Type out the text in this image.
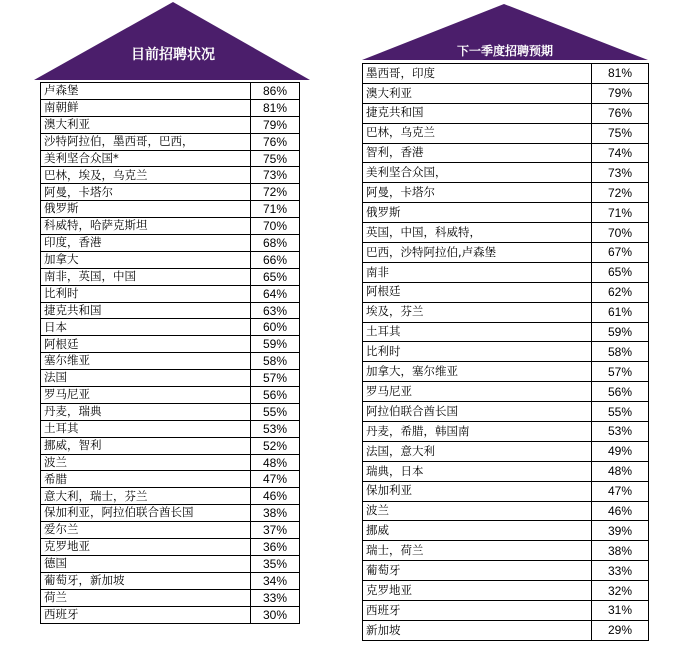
目前招聘状况
卢森堡	86%
南朝鲜	81%
澳大利亚	79%
沙特阿拉伯，墨西哥，巴西，	76%
美利坚合众国*	75%
巴林，埃及，乌克兰	73%
阿曼，卡塔尔	72%
俄罗斯	71%
科威特，哈萨克斯坦	70%
印度，香港	68%
加拿大	66%
南非，英国，中国	65%
比利时	64%
捷克共和国	63%
日本	60%
阿根廷	59%
塞尔维亚	58%
法国	57%
罗马尼亚	56%
丹麦，瑞典	55%
土耳其	53%
挪威，智利	52%
波兰	48%
希腊	47%
意大利，瑞士，芬兰	46%
保加利亚，阿拉伯联合酋长国	38%
爱尔兰	37%
克罗地亚	36%
德国	35%
葡萄牙，新加坡	34%
荷兰	33%
西班牙	30%
下一季度招聘预期
墨西哥，印度	81%
澳大利亚	79%
捷克共和国	76%
巴林，乌克兰	75%
智利，香港	74%
美利坚合众国，	73%
阿曼，卡塔尔	72%
俄罗斯	71%
英国，中国，科威特，	70%
巴西，沙特阿拉伯,卢森堡	67%
南非	65%
阿根廷	62%
埃及，芬兰	61%
土耳其	59%
比利时	58%
加拿大，塞尔维亚	57%
罗马尼亚	56%
阿拉伯联合酋长国	55%
丹麦，希腊，韩国南	53%
法国，意大利	49%
瑞典，日本	48%
保加利亚	47%
波兰	46%
挪威	39%
瑞士，荷兰	38%
葡萄牙	33%
克罗地亚	32%
西班牙	31%
新加坡	29%
